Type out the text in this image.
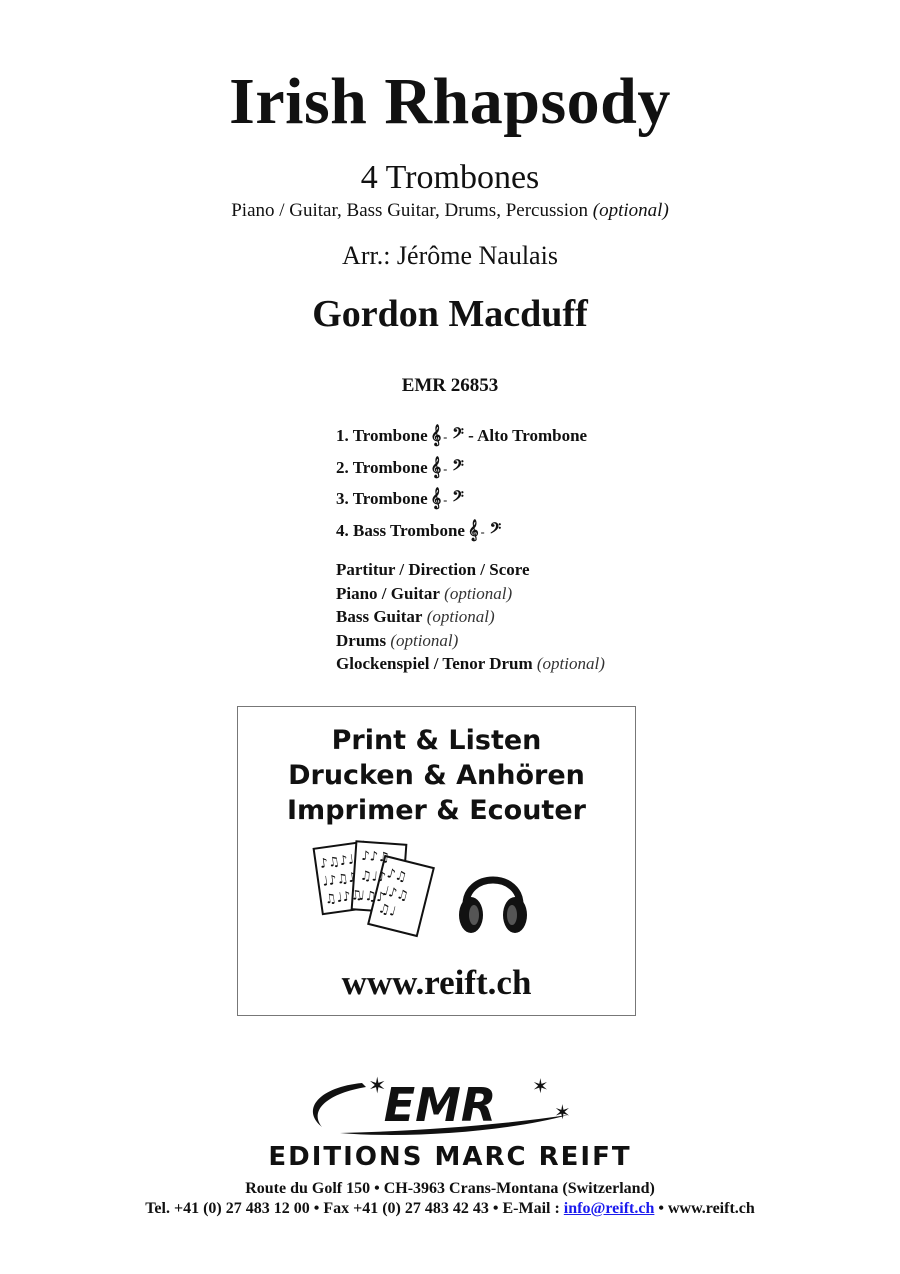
Irish Rhapsody
4 Trombones
Piano / Guitar, Bass Guitar, Drums, Percussion (optional)
Arr.: Jérôme Naulais
Gordon Macduff
EMR 26853
1. Trombone 𝄞 - 𝄢 - Alto Trombone
2. Trombone 𝄞 - 𝄢
3. Trombone 𝄞 - 𝄢
4. Bass Trombone 𝄞 - 𝄢
Partitur / Direction / Score
Piano / Guitar (optional)
Bass Guitar (optional)
Drums (optional)
Glockenspiel / Tenor Drum (optional)
Print & Listen
Drucken & Anhören
Imprimer & Ecouter
♪♫♪♩
♩♪♫♪
♫♩♪♫
♪♪♫
♫♩♪
♩♫♪
♪♫
♩♪♫
♫♩
www.reift.ch
EMR
✶	✶
✶
EDITIONS MARC REIFT
Route du Golf 150 • CH-3963 Crans-Montana (Switzerland)
Tel. +41 (0) 27 483 12 00 • Fax +41 (0) 27 483 42 43 • E-Mail : info@reift.ch • www.reift.ch
